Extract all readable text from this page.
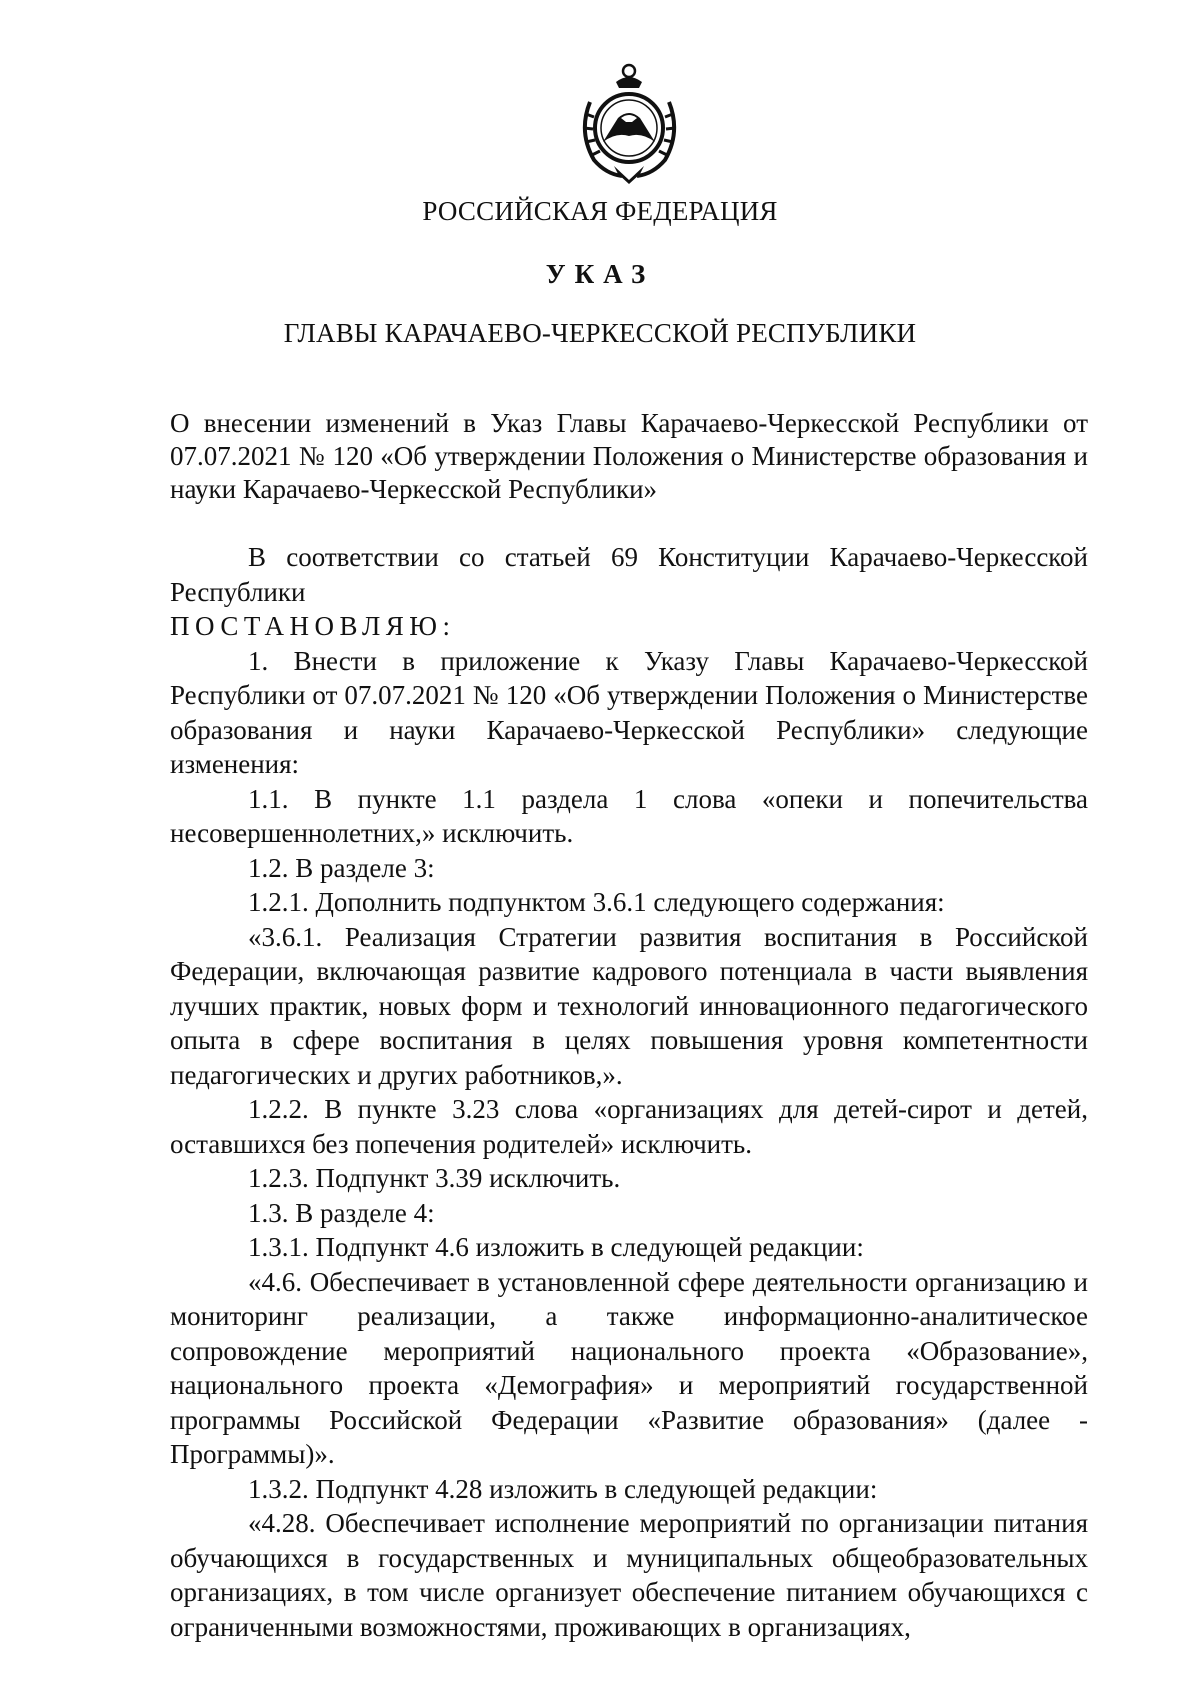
РОССИЙСКАЯ ФЕДЕРАЦИЯ
УКАЗ
ГЛАВЫ КАРАЧАЕВО-ЧЕРКЕССКОЙ РЕСПУБЛИКИ
О внесении изменений в Указ Главы Карачаево-Черкесской Республики от 07.07.2021 № 120 «Об утверждении Положения о Министерстве образования и науки Карачаево-Черкесской Республики»

В соответствии со статьей 69 Конституции Карачаево-Черкесской Республики

ПОСТАНОВЛЯЮ:

1. Внести в приложение к Указу Главы Карачаево-Черкесской Республики от 07.07.2021 № 120 «Об утверждении Положения о Министерстве образования и науки Карачаево-Черкесской Республики» следующие изменения:

1.1. В пункте 1.1 раздела 1 слова «опеки и попечительства несовершеннолетних,» исключить.

1.2. В разделе 3:

1.2.1. Дополнить подпунктом 3.6.1 следующего содержания:

«3.6.1. Реализация Стратегии развития воспитания в Российской Федерации, включающая развитие кадрового потенциала в части выявления лучших практик, новых форм и технологий инновационного педагогического опыта в сфере воспитания в целях повышения уровня компетентности педагогических и других работников,».

1.2.2. В пункте 3.23 слова «организациях для детей-сирот и детей, оставшихся без попечения родителей» исключить.

1.2.3. Подпункт 3.39 исключить.

1.3. В разделе 4:

1.3.1. Подпункт 4.6 изложить в следующей редакции:

«4.6. Обеспечивает в установленной сфере деятельности организацию и мониторинг реализации, а также информационно-аналитическое сопровождение мероприятий национального проекта «Образование», национального проекта «Демография» и мероприятий государственной программы Российской Федерации «Развитие образования» (далее - Программы)».

1.3.2. Подпункт 4.28 изложить в следующей редакции:

«4.28. Обеспечивает исполнение мероприятий по организации питания обучающихся в государственных и муниципальных общеобразовательных организациях, в том числе организует обеспечение питанием обучающихся с ограниченными возможностями, проживающих в организациях,
